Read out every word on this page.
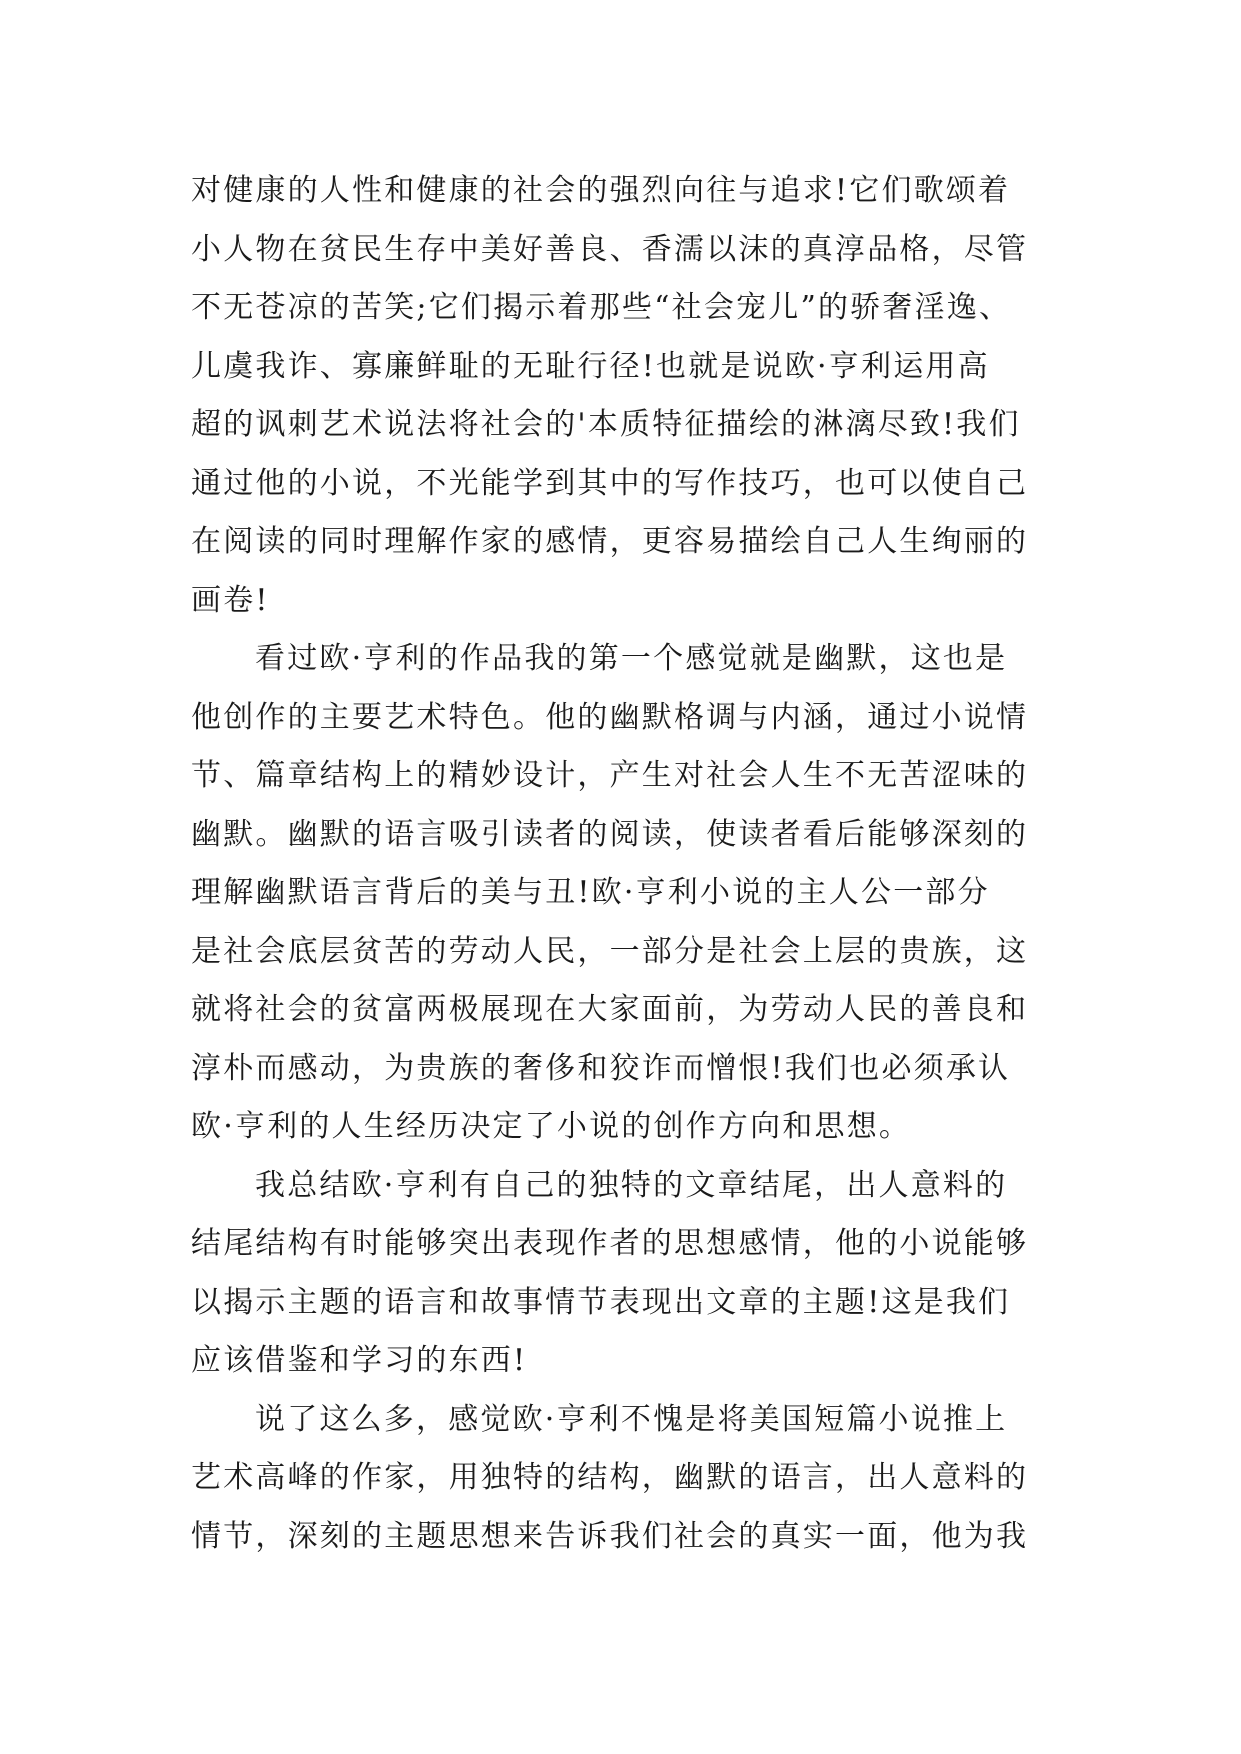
对健康的人性和健康的社会的强烈向往与追求!它们歌颂着
小人物在贫民生存中美好善良、香濡以沫的真淳品格，尽管
不无苍凉的苦笑;它们揭示着那些“社会宠儿”的骄奢淫逸、
儿虞我诈、寡廉鲜耻的无耻行径!也就是说欧·亨利运用高
超的讽刺艺术说法将社会的'本质特征描绘的淋漓尽致!我们
通过他的小说，不光能学到其中的写作技巧，也可以使自己
在阅读的同时理解作家的感情，更容易描绘自己人生绚丽的
画卷!
看过欧·亨利的作品我的第一个感觉就是幽默，这也是
他创作的主要艺术特色。他的幽默格调与内涵，通过小说情
节、篇章结构上的精妙设计，产生对社会人生不无苦涩味的
幽默。幽默的语言吸引读者的阅读，使读者看后能够深刻的
理解幽默语言背后的美与丑!欧·亨利小说的主人公一部分
是社会底层贫苦的劳动人民，一部分是社会上层的贵族，这
就将社会的贫富两极展现在大家面前，为劳动人民的善良和
淳朴而感动，为贵族的奢侈和狡诈而憎恨!我们也必须承认
欧·亨利的人生经历决定了小说的创作方向和思想。
我总结欧·亨利有自己的独特的文章结尾，出人意料的
结尾结构有时能够突出表现作者的思想感情，他的小说能够
以揭示主题的语言和故事情节表现出文章的主题!这是我们
应该借鉴和学习的东西!
说了这么多，感觉欧·亨利不愧是将美国短篇小说推上
艺术高峰的作家，用独特的结构，幽默的语言，出人意料的
情节，深刻的主题思想来告诉我们社会的真实一面，他为我
